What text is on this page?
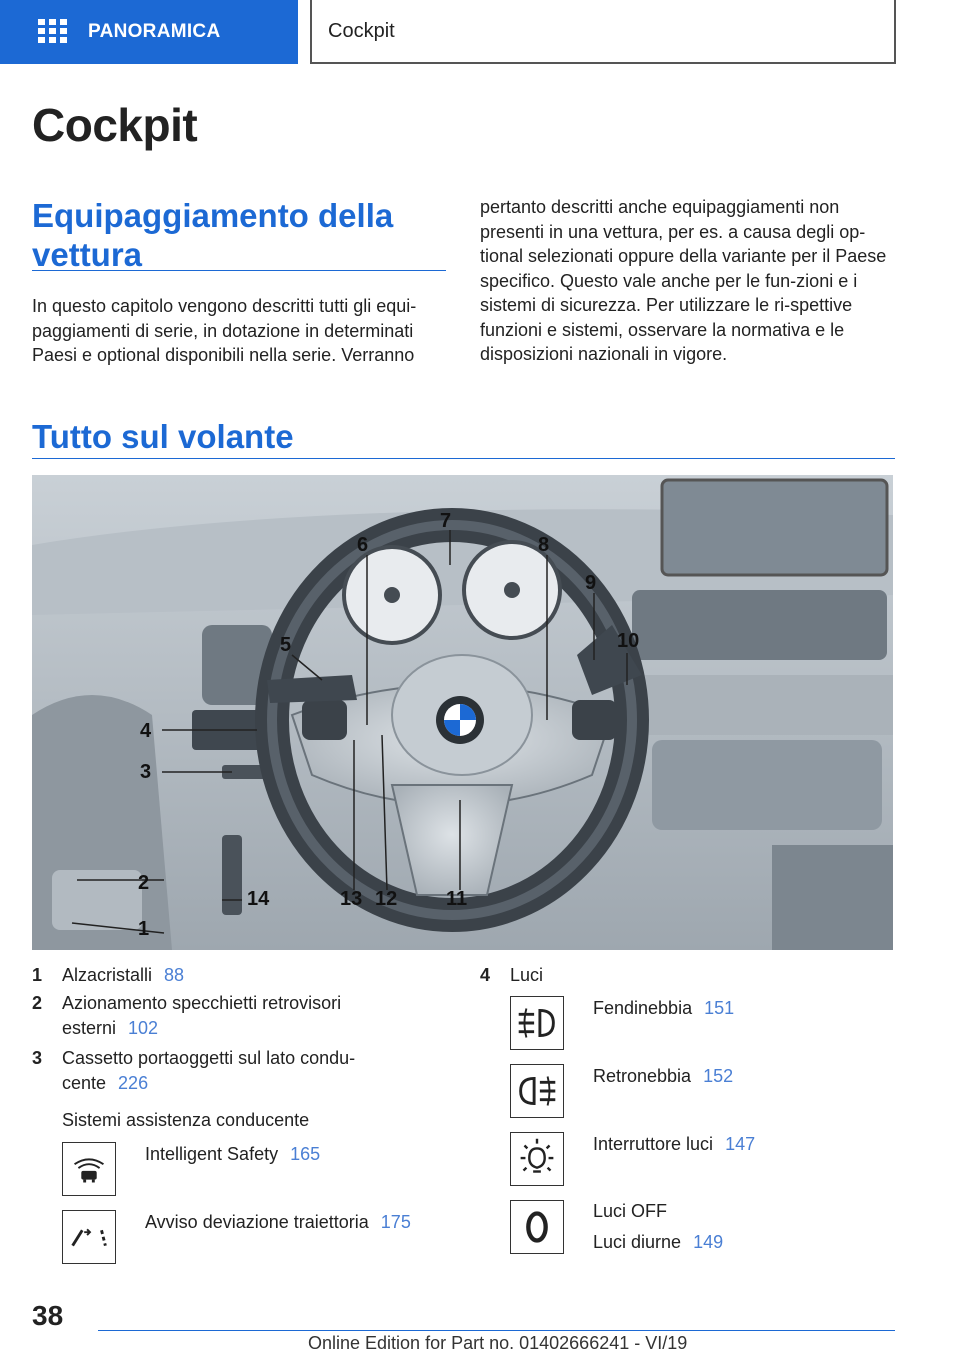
PANORAMICA	Cockpit
Cockpit
Equipaggiamento della vettura
In questo capitolo vengono descritti tutti gli equi-paggiamenti di serie, in dotazione in determinati Paesi e optional disponibili nella serie. Verranno
pertanto descritti anche equipaggiamenti non presenti in una vettura, per es. a causa degli op-tional selezionati oppure della variante per il Paese specifico. Questo vale anche per le fun-zioni e i sistemi di sicurezza. Per utilizzare le ri-spettive funzioni e sistemi, osservare la normativa e le disposizioni nazionali in vigore.
Tutto sul volante
1
2
3
4
5
6
7
8
9
10
11
12
13
14
1 Alzacristalli 88
2 Azionamento specchietti retrovisori
esterni 102
3 Cassetto portaoggetti sul lato condu-
cente 226
Sistemi assistenza conducente
Intelligent Safety 165
Avviso deviazione traiettoria 175
4 Luci
Fendinebbia 151
Retronebbia 152
Interruttore luci 147
Luci OFF
Luci diurne 149
38
Online Edition for Part no. 01402666241 - VI/19
